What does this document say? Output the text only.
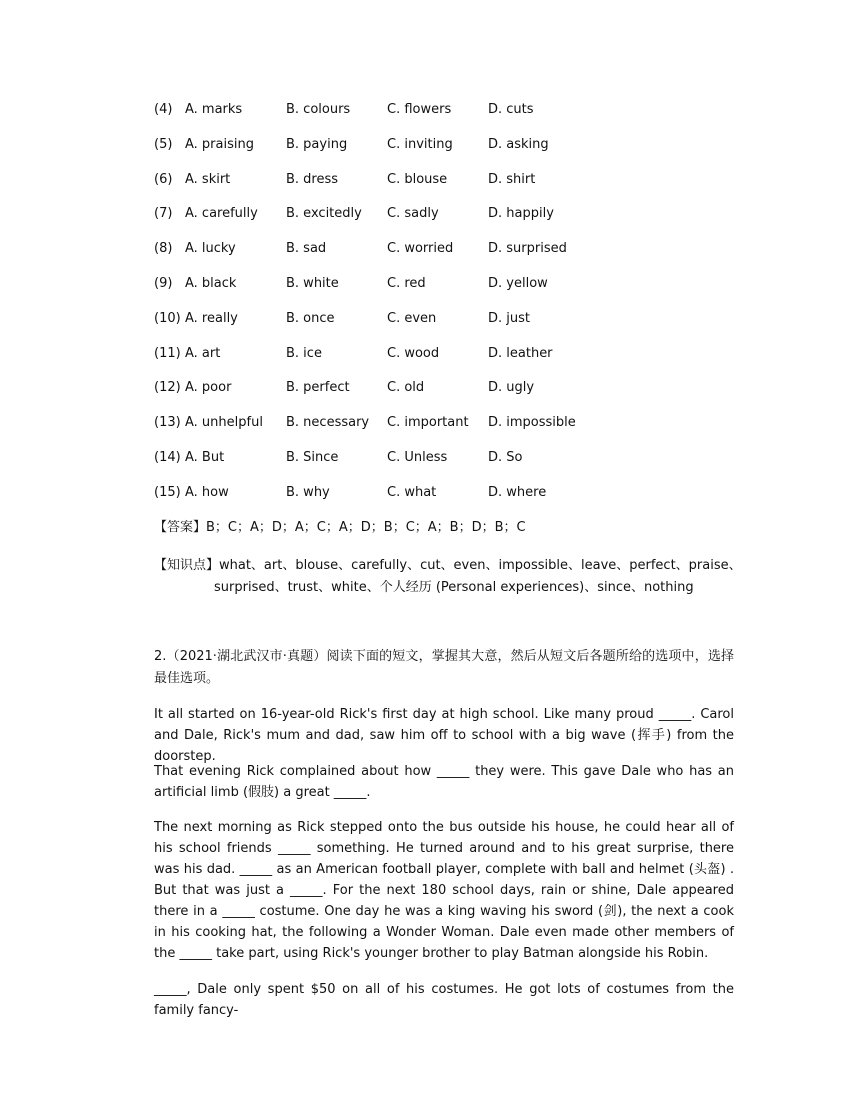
(4) A. marks	B. colours	C. flowers	D. cuts
(5) A. praising B. paying	C. inviting	D. asking
(6) A. skirt	B. dress	C. blouse	D. shirt
(7) A. carefully B. excitedly C. sadly	D. happily
(8) A. lucky	B. sad	C. worried	D. surprised
(9) A. black	B. white	C. red	D. yellow
(10) A. really	B. once	C. even	D. just
(11) A. art	B. ice	C. wood	D. leather
(12) A. poor	B. perfect	C. old	D. ugly
(13) A. unhelpful B. necessary C. important D. impossible
(14) A. But	B. Since	C. Unless	D. So
(15) A. how	B. why	C. what	D. where
【答案】B；C；A；D；A；C；A；D；B；C；A；B；D；B；C
【知识点】what、art、blouse、carefully、cut、even、impossible、leave、perfect、praise、
surprised、trust、white、个人经历 (Personal experiences)、since、nothing
2.（2021·湖北武汉市·真题）阅读下面的短文，掌握其大意，然后从短文后各题所给的选项中，选择最佳选项。

It all started on 16-year-old Rick's first day at high school. Like many proud _____. Carol and Dale, Rick's mum and dad, saw him off to school with a big wave (挥手) from the doorstep.

That evening Rick complained about how _____ they were. This gave Dale who has an artificial limb (假肢) a great _____.

The next morning as Rick stepped onto the bus outside his house, he could hear all of his school friends _____ something. He turned around and to his great surprise, there was his dad. _____ as an American football player, complete with ball and helmet (头盔) . But that was just a _____. For the next 180 school days, rain or shine, Dale appeared there in a _____ costume. One day he was a king waving his sword (剑), the next a cook in his cooking hat, the following a Wonder Woman. Dale even made other members of the _____ take part, using Rick's younger brother to play Batman alongside his Robin.

_____, Dale only spent $50 on all of his costumes. He got lots of costumes from the family fancy-
